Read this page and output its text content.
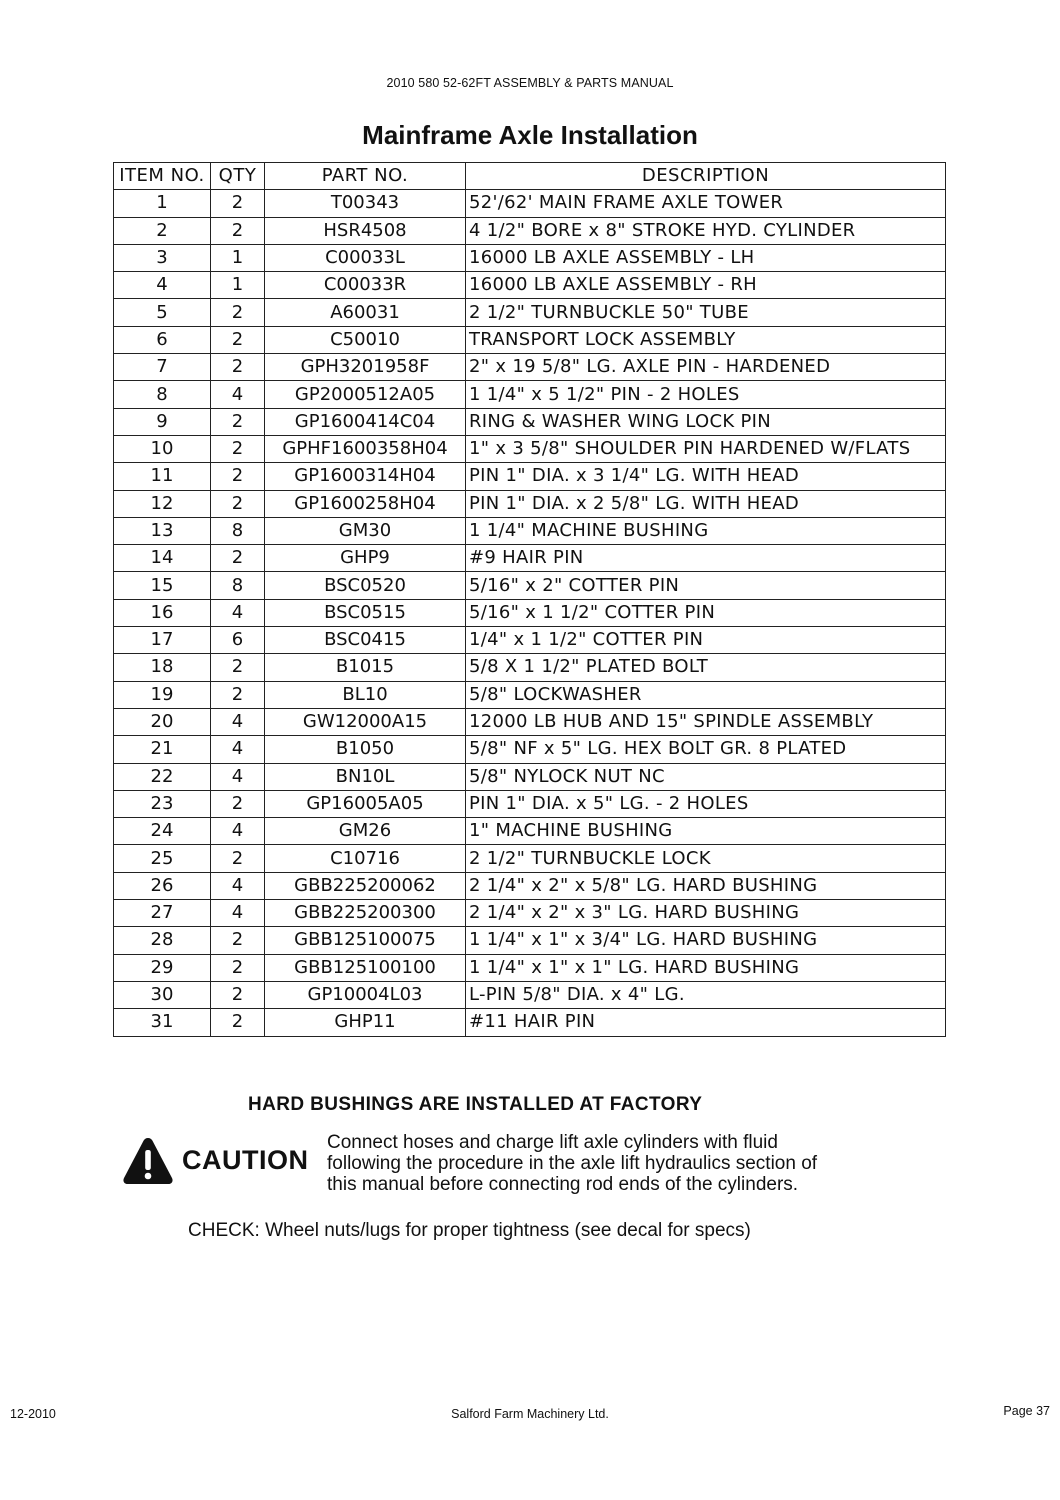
2010 580 52-62FT ASSEMBLY & PARTS MANUAL
Mainframe Axle Installation
ITEM NO.	QTY	PART NO.	DESCRIPTION
1	2	T00343	52'/62' MAIN FRAME AXLE TOWER
2	2	HSR4508	4 1/2" BORE x 8" STROKE HYD. CYLINDER
3	1	C00033L	16000 LB AXLE ASSEMBLY - LH
4	1	C00033R	16000 LB AXLE ASSEMBLY - RH
5	2	A60031	2 1/2" TURNBUCKLE 50" TUBE
6	2	C50010	TRANSPORT LOCK ASSEMBLY
7	2	GPH3201958F	2" x 19 5/8" LG. AXLE PIN - HARDENED
8	4	GP2000512A05	1 1/4" x 5 1/2" PIN - 2 HOLES
9	2	GP1600414C04	RING & WASHER WING LOCK PIN
10	2	GPHF1600358H04	1" x 3 5/8" SHOULDER PIN HARDENED W/FLATS
11	2	GP1600314H04	PIN 1" DIA. x 3 1/4" LG. WITH HEAD
12	2	GP1600258H04	PIN 1" DIA. x 2 5/8" LG. WITH HEAD
13	8	GM30	1 1/4" MACHINE BUSHING
14	2	GHP9	#9 HAIR PIN
15	8	BSC0520	5/16" x 2" COTTER PIN
16	4	BSC0515	5/16" x 1 1/2" COTTER PIN
17	6	BSC0415	1/4" x 1 1/2" COTTER PIN
18	2	B1015	5/8 X 1 1/2" PLATED BOLT
19	2	BL10	5/8" LOCKWASHER
20	4	GW12000A15	12000 LB HUB AND 15" SPINDLE ASSEMBLY
21	4	B1050	5/8" NF x 5" LG. HEX BOLT GR. 8 PLATED
22	4	BN10L	5/8" NYLOCK NUT NC
23	2	GP16005A05	PIN 1" DIA. x 5" LG. - 2 HOLES
24	4	GM26	1" MACHINE BUSHING
25	2	C10716	2 1/2" TURNBUCKLE LOCK
26	4	GBB225200062	2 1/4" x 2" x 5/8" LG. HARD BUSHING
27	4	GBB225200300	2 1/4" x 2" x 3" LG. HARD BUSHING
28	2	GBB125100075	1 1/4" x 1" x 3/4" LG. HARD BUSHING
29	2	GBB125100100	1 1/4" x 1" x 1" LG. HARD BUSHING
30	2	GP10004L03	L-PIN 5/8" DIA. x 4" LG.
31	2	GHP11	#11 HAIR PIN
HARD BUSHINGS ARE INSTALLED AT FACTORY
CAUTION
Connect hoses and charge lift axle cylinders with fluid
following the procedure in the axle lift hydraulics section of
this manual before connecting rod ends of the cylinders.
CHECK: Wheel nuts/lugs for proper tightness (see decal for specs)
12-2010	Salford Farm Machinery Ltd.	Page 37
